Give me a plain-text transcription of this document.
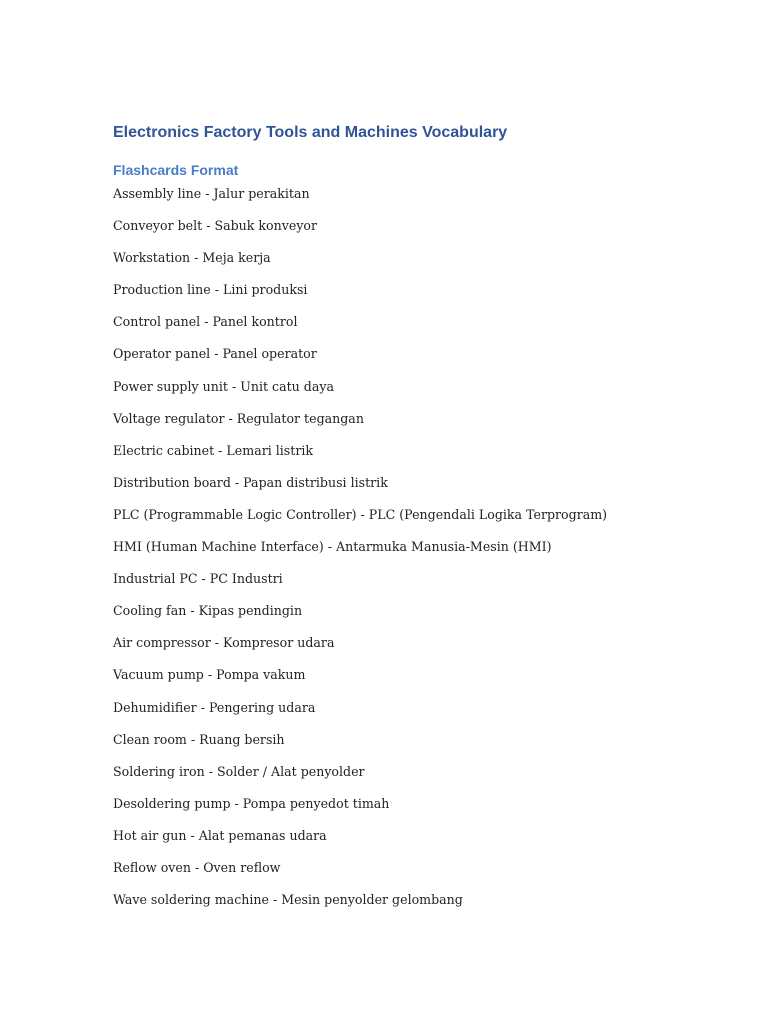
Electronics Factory Tools and Machines Vocabulary
Flashcards Format
Assembly line - Jalur perakitan
Conveyor belt - Sabuk konveyor
Workstation - Meja kerja
Production line - Lini produksi
Control panel - Panel kontrol
Operator panel - Panel operator
Power supply unit - Unit catu daya
Voltage regulator - Regulator tegangan
Electric cabinet - Lemari listrik
Distribution board - Papan distribusi listrik
PLC (Programmable Logic Controller) - PLC (Pengendali Logika Terprogram)
HMI (Human Machine Interface) - Antarmuka Manusia-Mesin (HMI)
Industrial PC - PC Industri
Cooling fan - Kipas pendingin
Air compressor - Kompresor udara
Vacuum pump - Pompa vakum
Dehumidifier - Pengering udara
Clean room - Ruang bersih
Soldering iron - Solder / Alat penyolder
Desoldering pump - Pompa penyedot timah
Hot air gun - Alat pemanas udara
Reflow oven - Oven reflow
Wave soldering machine - Mesin penyolder gelombang
